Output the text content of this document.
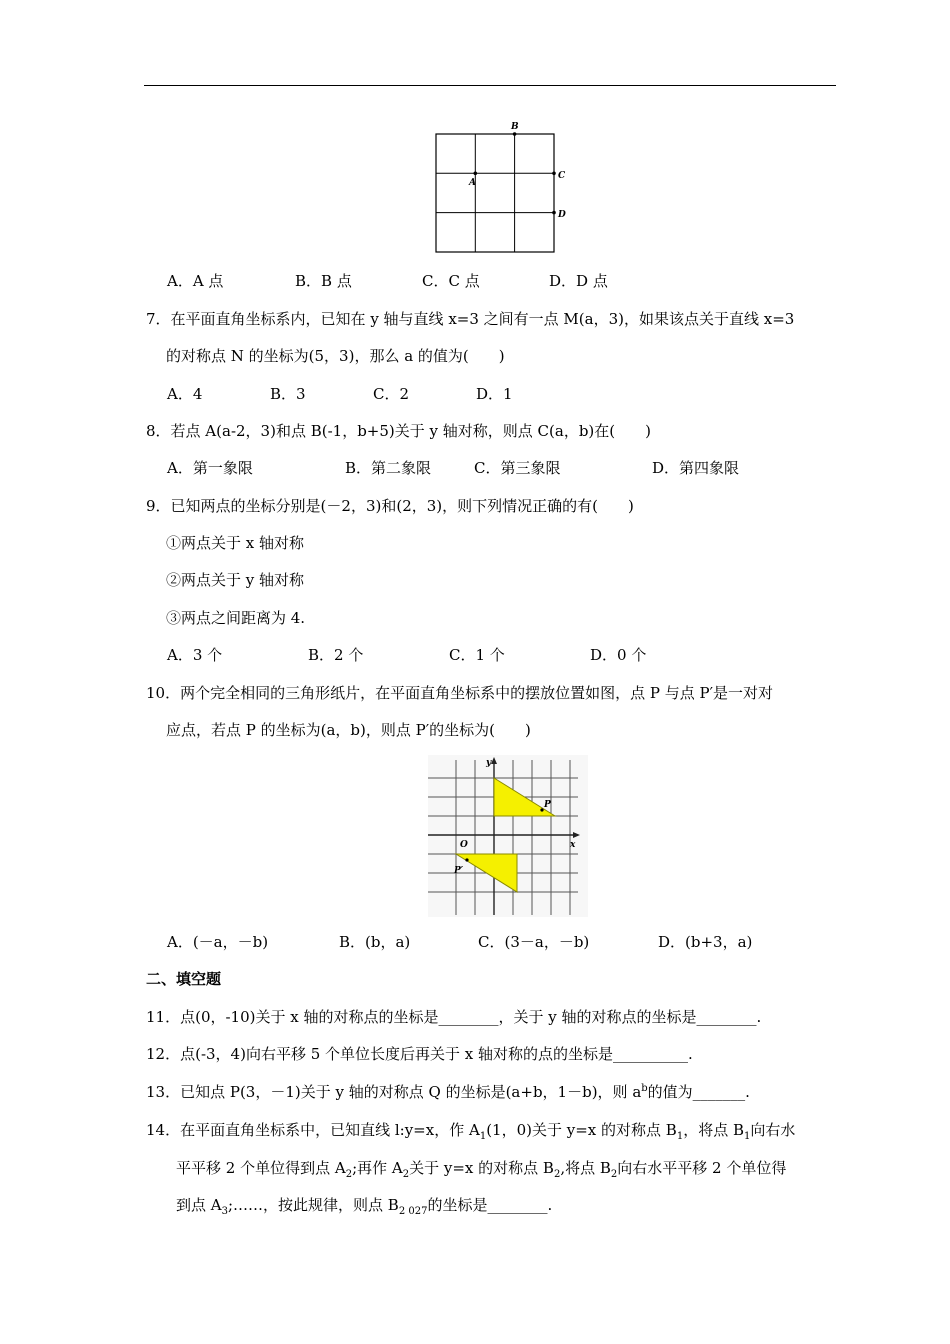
A
B
C
D
A．A 点	B．B 点	C．C 点	D．D 点
7．在平面直角坐标系内，已知在 y 轴与直线 x=3 之间有一点 M(a，3)，如果该点关于直线 x=3
的对称点 N 的坐标为(5，3)，那么 a 的值为(　　)
A．4	B．3	C．2	D．1
8．若点 A(a-2，3)和点 B(-1，b+5)关于 y 轴对称，则点 C(a，b)在(　　)
A．第一象限	B．第二象限	C．第三象限	D．第四象限
9．已知两点的坐标分别是(－2，3)和(2，3)，则下列情况正确的有(　　)
①两点关于 x 轴对称
②两点关于 y 轴对称
③两点之间距离为 4.
A．3 个	B．2 个	C．1 个	D．0 个
10．两个完全相同的三角形纸片，在平面直角坐标系中的摆放位置如图，点 P 与点 P′是一对对
应点，若点 P 的坐标为(a，b)，则点 P′的坐标为(　　)
y
x
O
P
P′
A．(－a，－b)	B．(b，a)	C．(3－a，－b)	D．(b+3，a)
二、填空题
11．点(0，-10)关于 x 轴的对称点的坐标是________，关于 y 轴的对称点的坐标是________.
12．点(-3，4)向右平移 5 个单位长度后再关于 x 轴对称的点的坐标是__________.
13．已知点 P(3，－1)关于 y 轴的对称点 Q 的坐标是(a+b，1－b)，则 $a^b$的值为_______.
14．在平面直角坐标系中，已知直线 l:y=x，作 $A_1(1$，0)关于 y=x 的对称点 $B_1$，将点 $B_1$向右水
平平移 2 个单位得到点 $A_2$;再作 $A_2$关于 y=x 的对称点 $B_2$,将点 $B_2$向右水平平移 2 个单位得
到点 $A_3;\dots\dots$，按此规律，则点 $B_{2 027}$的坐标是________.
